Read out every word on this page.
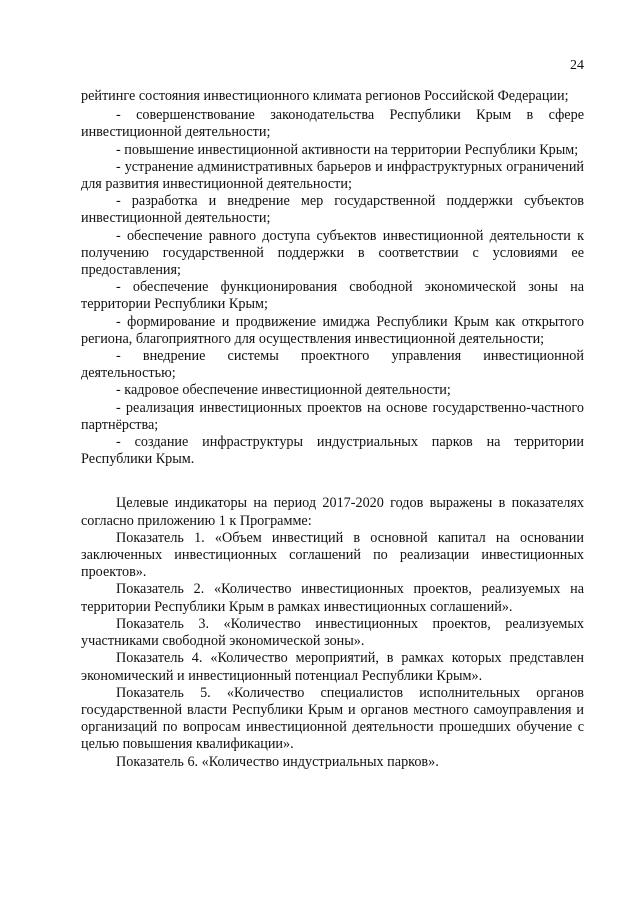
24

рейтинге состояния инвестиционного климата регионов Российской Федерации;

- совершенствование законодательства Республики Крым в сфере инвестиционной деятельности;

- повышение инвестиционной активности на территории Республики Крым;

- устранение административных барьеров и инфраструктурных ограничений для развития инвестиционной деятельности;

- разработка и внедрение мер государственной поддержки субъектов инвестиционной деятельности;

- обеспечение равного доступа субъектов инвестиционной деятельности к получению государственной поддержки в соответствии с условиями ее предоставления;

- обеспечение функционирования свободной экономической зоны на территории Республики Крым;

- формирование и продвижение имиджа Республики Крым как открытого региона, благоприятного для осуществления инвестиционной деятельности;

- внедрение системы проектного управления инвестиционной деятельностью;

- кадровое обеспечение инвестиционной деятельности;

- реализация инвестиционных проектов на основе государственно-частного партнёрства;

- создание инфраструктуры индустриальных парков на территории Республики Крым.

Целевые индикаторы на период 2017-2020 годов выражены в показателях согласно приложению 1 к Программе:

Показатель 1. «Объем инвестиций в основной капитал на основании заключенных инвестиционных соглашений по реализации инвестиционных проектов».

Показатель 2. «Количество инвестиционных проектов, реализуемых на территории Республики Крым в рамках инвестиционных соглашений».

Показатель 3. «Количество инвестиционных проектов, реализуемых участниками свободной экономической зоны».

Показатель 4. «Количество мероприятий, в рамках которых представлен экономический и инвестиционный потенциал Республики Крым».

Показатель 5. «Количество специалистов исполнительных органов государственной власти Республики Крым и органов местного самоуправления и организаций по вопросам инвестиционной деятельности прошедших обучение с целью повышения квалификации».

Показатель 6. «Количество индустриальных парков».
